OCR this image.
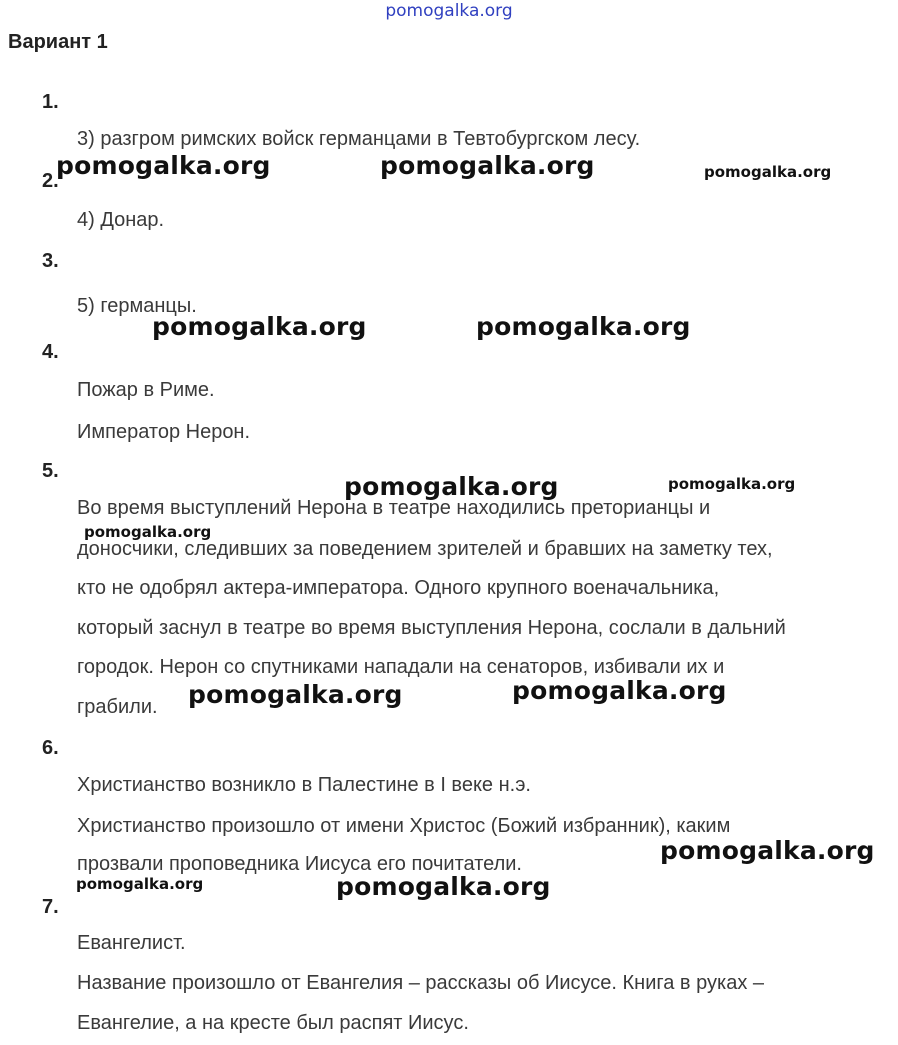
pomogalka.org
Вариант 1
1.
3) разгром римских войск германцами в Тевтобургском лесу.
2.
4) Донар.
3.
5) германцы.
4.
Пожар в Риме.
Император Нерон.
5.
Во время выступлений Нерона в театре находились преторианцы и
доносчики, следивших за поведением зрителей и бравших на заметку тех,
кто не одобрял актера-императора. Одного крупного военачальника,
который заснул в театре во время выступления Нерона, сослали в дальний
городок. Нерон со спутниками нападали на сенаторов, избивали их и
грабили.
6.
Христианство возникло в Палестине в I веке н.э.
Христианство произошло от имени Христос (Божий избранник), каким
прозвали проповедника Иисуса его почитатели.
7.
Евангелист.
Название произошло от Евангелия – рассказы об Иисусе. Книга в руках –
Евангелие, а на кресте был распят Иисус.
pomogalka.org	pomogalka.org	pomogalka.org
pomogalka.org	pomogalka.org
pomogalka.org	pomogalka.org
pomogalka.org
pomogalka.org	pomogalka.org
pomogalka.org
pomogalka.org	pomogalka.org
